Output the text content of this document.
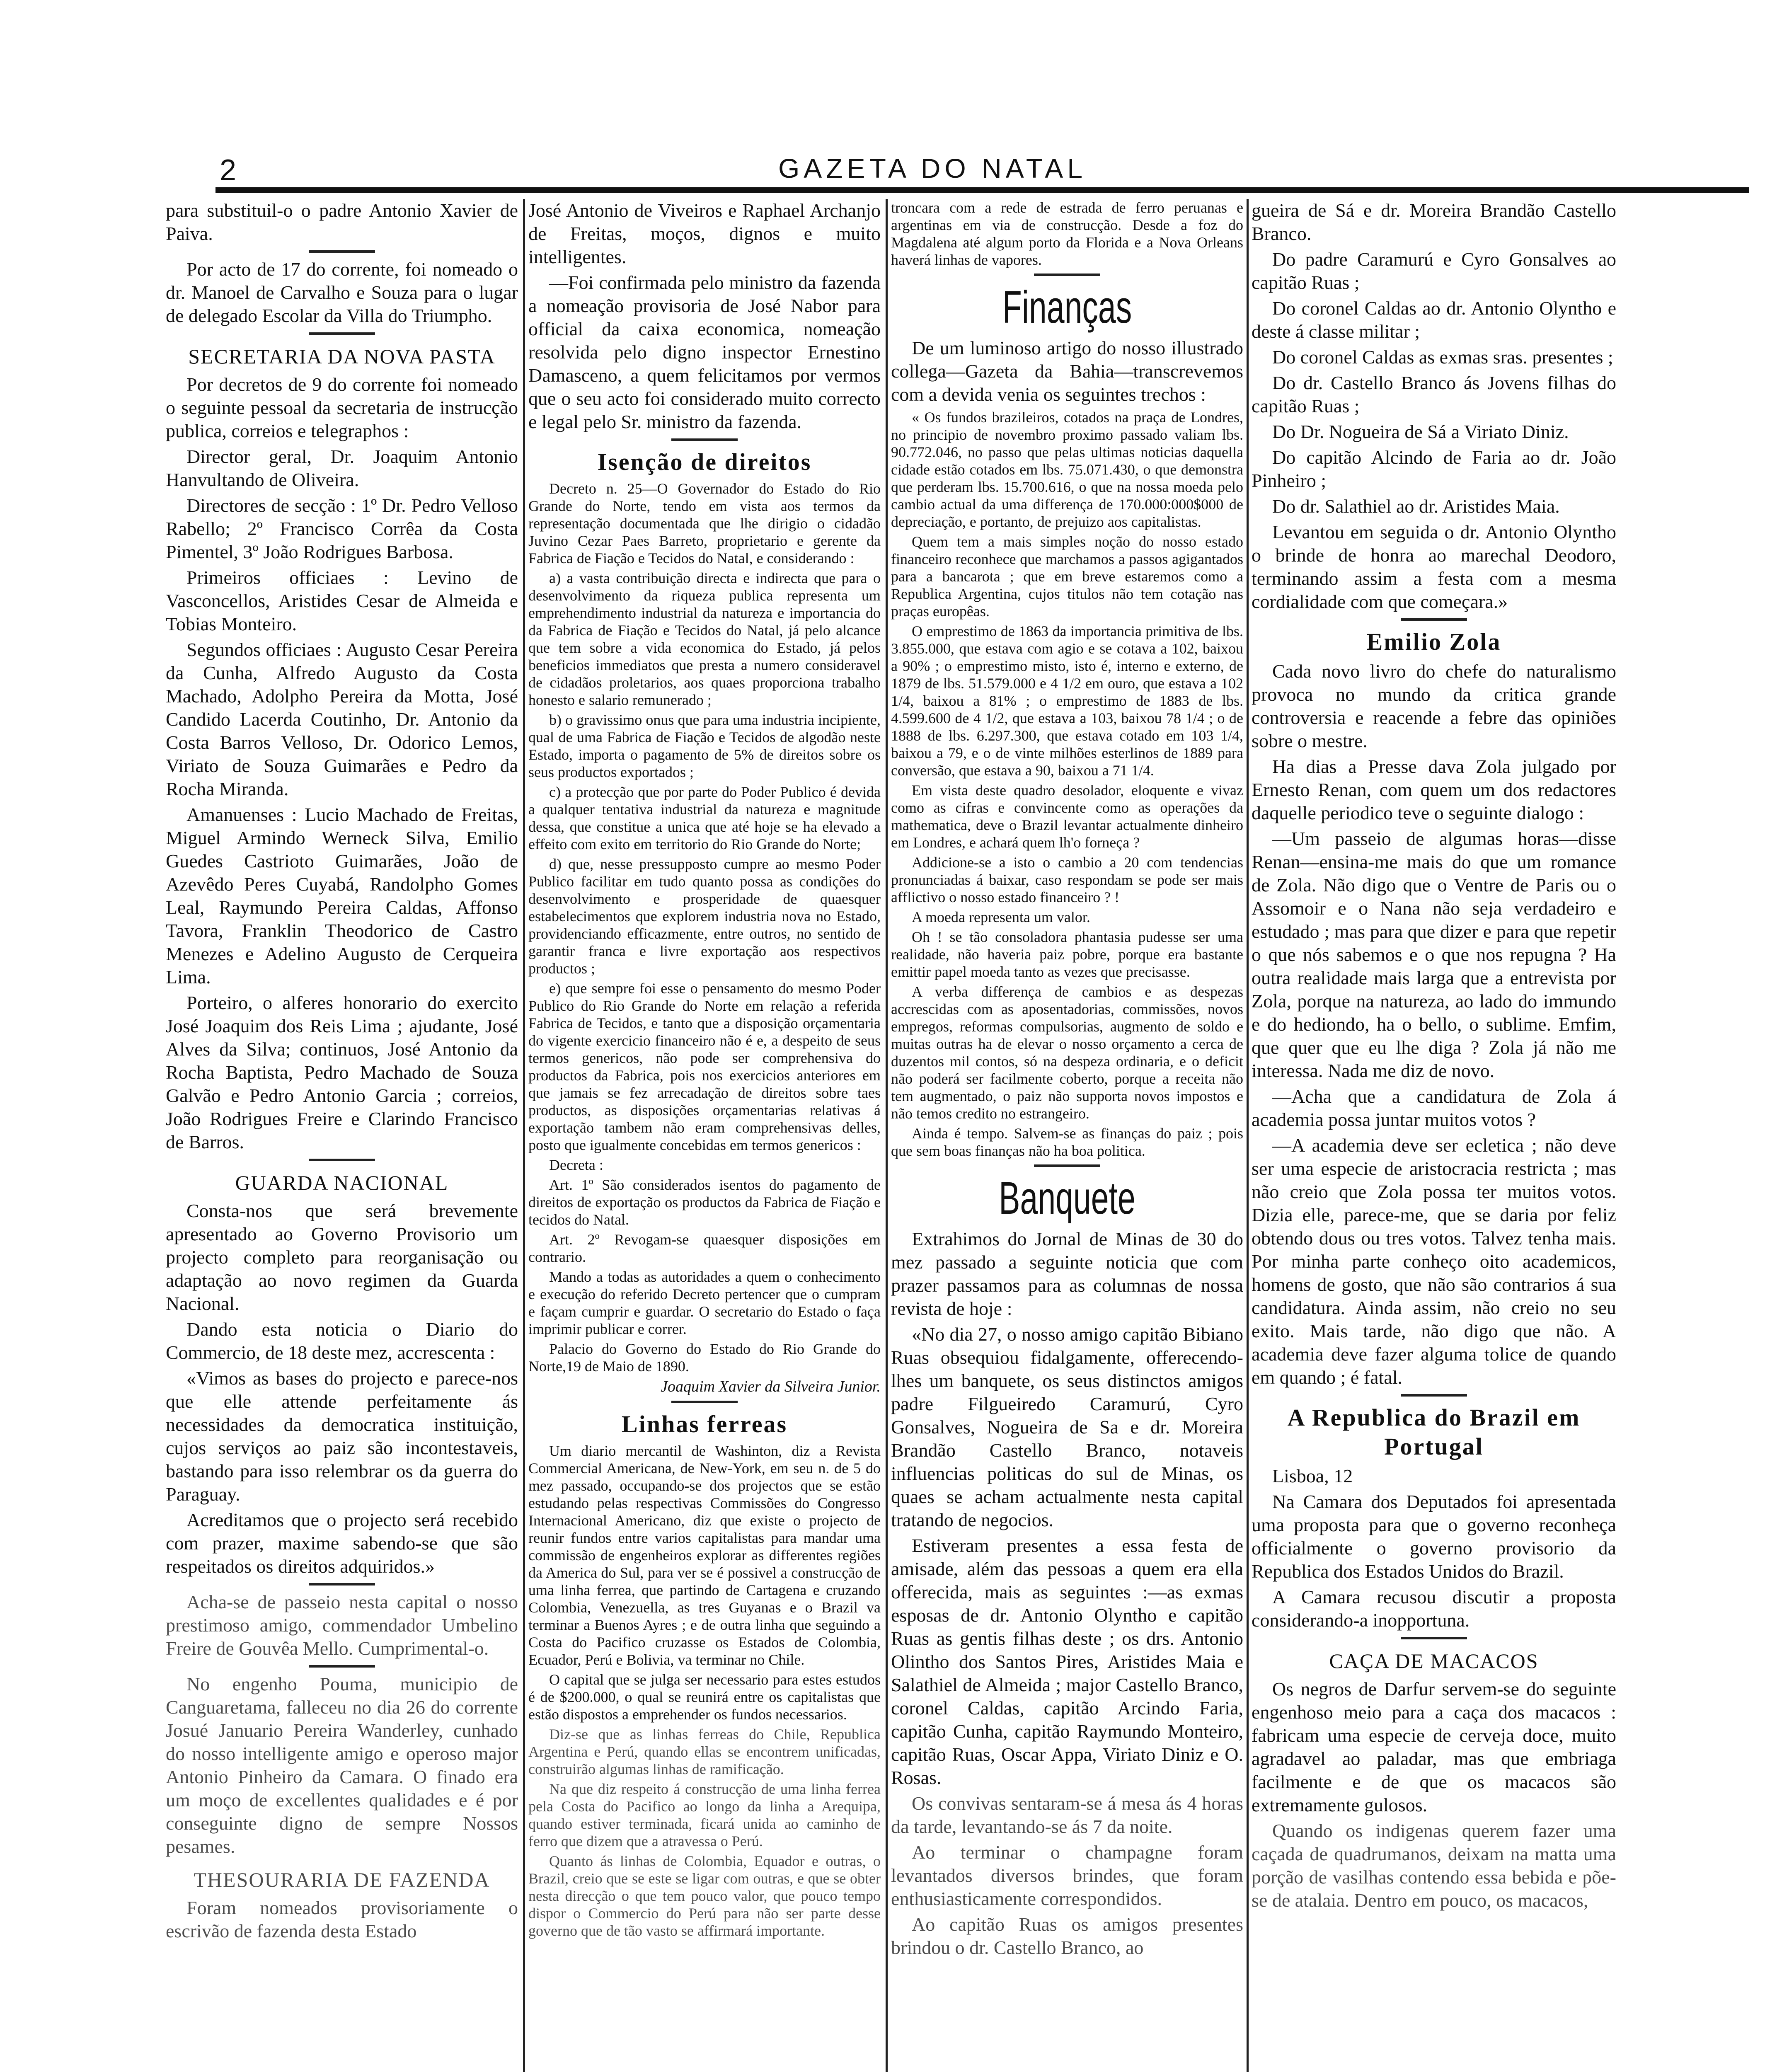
2	GAZETA DO NATAL

para substituil-o o padre Antonio Xavier de Paiva.

Por acto de 17 do corrente, foi nomeado o dr. Manoel de Carvalho e Souza para o lugar de delegado Escolar da Villa do Triumpho.

SECRETARIA DA NOVA PASTA

Por decretos de 9 do corrente foi nomeado o seguinte pessoal da secretaria de instrucção publica, correios e telegraphos :

Director geral, Dr. Joaquim Antonio Hanvultando de Oliveira.

Directores de secção : 1º Dr. Pedro Velloso Rabello; 2º Francisco Corrêa da Costa Pimentel, 3º João Rodrigues Barbosa.

Primeiros officiaes : Levino de Vasconcellos, Aristides Cesar de Almeida e Tobias Monteiro.

Segundos officiaes : Augusto Cesar Pereira da Cunha, Alfredo Augusto da Costa Machado, Adolpho Pereira da Motta, José Candido Lacerda Coutinho, Dr. Antonio da Costa Barros Velloso, Dr. Odorico Lemos, Viriato de Souza Guimarães e Pedro da Rocha Miranda.

Amanuenses : Lucio Machado de Freitas, Miguel Armindo Werneck Silva, Emilio Guedes Castrioto Guimarães, João de Azevêdo Peres Cuyabá, Randolpho Gomes Leal, Raymundo Pereira Caldas, Affonso Tavora, Franklin Theodorico de Castro Menezes e Adelino Augusto de Cerqueira Lima.

Porteiro, o alferes honorario do exercito José Joaquim dos Reis Lima ; ajudante, José Alves da Silva; continuos, José Antonio da Rocha Baptista, Pedro Machado de Souza Galvão e Pedro Antonio Garcia ; correios, João Rodrigues Freire e Clarindo Francisco de Barros.

GUARDA NACIONAL

Consta-nos que será brevemente apresentado ao Governo Provisorio um projecto completo para reorganisação ou adaptação ao novo regimen da Guarda Nacional.

Dando esta noticia o Diario do Commercio, de 18 deste mez, accrescenta :

«Vimos as bases do projecto e parece-nos que elle attende perfeitamente ás necessidades da democratica instituição, cujos serviços ao paiz são incontestaveis, bastando para isso relembrar os da guerra do Paraguay.

Acreditamos que o projecto será recebido com prazer, maxime sabendo-se que são respeitados os direitos adquiridos.»

Acha-se de passeio nesta capital o nosso prestimoso amigo, commendador Umbelino Freire de Gouvêa Mello. Cumprimental-o.

No engenho Pouma, municipio de Canguaretama, falleceu no dia 26 do corrente Josué Januario Pereira Wanderley, cunhado do nosso intelligente amigo e operoso major Antonio Pinheiro da Camara. O finado era um moço de excellentes qualidades e é por conseguinte digno de sempre Nossos pesames.

THESOURARIA DE FAZENDA

Foram nomeados provisoriamente o escrivão de fazenda desta Estado

José Antonio de Viveiros e Raphael Archanjo de Freitas, moços, dignos e muito intelligentes.

—Foi confirmada pelo ministro da fazenda a nomeação provisoria de José Nabor para official da caixa economica, nomeação resolvida pelo digno inspector Ernestino Damasceno, a quem felicitamos por vermos que o seu acto foi considerado muito correcto e legal pelo Sr. ministro da fazenda.

Isenção de direitos

Decreto n. 25—O Governador do Estado do Rio Grande do Norte, tendo em vista aos termos da representação documentada que lhe dirigio o cidadão Juvino Cezar Paes Barreto, proprietario e gerente da Fabrica de Fiação e Tecidos do Natal, e considerando :

a) a vasta contribuição directa e indirecta que para o desenvolvimento da riqueza publica representa um emprehendimento industrial da natureza e importancia do da Fabrica de Fiação e Tecidos do Natal, já pelo alcance que tem sobre a vida economica do Estado, já pelos beneficios immediatos que presta a numero consideravel de cidadãos proletarios, aos quaes proporciona trabalho honesto e salario remunerado ;

b) o gravissimo onus que para uma industria incipiente, qual de uma Fabrica de Fiação e Tecidos de algodão neste Estado, importa o pagamento de 5% de direitos sobre os seus productos exportados ;

c) a protecção que por parte do Poder Publico é devida a qualquer tentativa industrial da natureza e magnitude dessa, que constitue a unica que até hoje se ha elevado a effeito com exito em territorio do Rio Grande do Norte;

d) que, nesse pressupposto cumpre ao mesmo Poder Publico facilitar em tudo quanto possa as condições do desenvolvimento e prosperidade de quaesquer estabelecimentos que explorem industria nova no Estado, providenciando efficazmente, entre outros, no sentido de garantir franca e livre exportação aos respectivos productos ;

e) que sempre foi esse o pensamento do mesmo Poder Publico do Rio Grande do Norte em relação a referida Fabrica de Tecidos, e tanto que a disposição orçamentaria do vigente exercicio financeiro não é e, a despeito de seus termos genericos, não pode ser comprehensiva do productos da Fabrica, pois nos exercicios anteriores em que jamais se fez arrecadação de direitos sobre taes productos, as disposições orçamentarias relativas á exportação tambem não eram comprehensivas delles, posto que igualmente concebidas em termos genericos :

Decreta :

Art. 1º São considerados isentos do pagamento de direitos de exportação os productos da Fabrica de Fiação e tecidos do Natal.

Art. 2º Revogam-se quaesquer disposições em contrario.

Mando a todas as autoridades a quem o conhecimento e execução do referido Decreto pertencer que o cumpram e façam cumprir e guardar. O secretario do Estado o faça imprimir publicar e correr.

Palacio do Governo do Estado do Rio Grande do Norte,19 de Maio de 1890.

Joaquim Xavier da Silveira Junior.
Linhas ferreas

Um diario mercantil de Washinton, diz a Revista Commercial Americana, de New-York, em seu n. de 5 do mez passado, occupando-se dos projectos que se estão estudando pelas respectivas Commissões do Congresso Internacional Americano, diz que existe o projecto de reunir fundos entre varios capitalistas para mandar uma commissão de engenheiros explorar as differentes regiões da America do Sul, para ver se é possivel a construcção de uma linha ferrea, que partindo de Cartagena e cruzando Colombia, Venezuella, as tres Guyanas e o Brazil va terminar a Buenos Ayres ; e de outra linha que seguindo a Costa do Pacifico cruzasse os Estados de Colombia, Ecuador, Perú e Bolivia, va terminar no Chile.

O capital que se julga ser necessario para estes estudos é de $200.000, o qual se reunirá entre os capitalistas que estão dispostos a emprehender os fundos necessarios.

Diz-se que as linhas ferreas do Chile, Republica Argentina e Perú, quando ellas se encontrem unificadas, construirão algumas linhas de ramificação.

Na que diz respeito á construcção de uma linha ferrea pela Costa do Pacifico ao longo da linha a Arequipa, quando estiver terminada, ficará unida ao caminho de ferro que dizem que a atravessa o Perú.

Quanto ás linhas de Colombia, Equador e outras, o Brazil, creio que se este se ligar com outras, e que se obter nesta direcção o que tem pouco valor, que pouco tempo dispor o Commercio do Perú para não ser parte desse governo que de tão vasto se affirmará importante.

troncara com a rede de estrada de ferro peruanas e argentinas em via de construcção. Desde a foz do Magdalena até algum porto da Florida e a Nova Orleans haverá linhas de vapores.

Finanças

De um luminoso artigo do nosso illustrado collega—Gazeta da Bahia—transcrevemos com a devida venia os seguintes trechos :

« Os fundos brazileiros, cotados na praça de Londres, no principio de novembro proximo passado valiam lbs. 90.772.046, no passo que pelas ultimas noticias daquella cidade estão cotados em lbs. 75.071.430, o que demonstra que perderam lbs. 15.700.616, o que na nossa moeda pelo cambio actual da uma differença de 170.000:000$000 de depreciação, e portanto, de prejuizo aos capitalistas.

Quem tem a mais simples noção do nosso estado financeiro reconhece que marchamos a passos agigantados para a bancarota ; que em breve estaremos como a Republica Argentina, cujos titulos não tem cotação nas praças europêas.

O emprestimo de 1863 da importancia primitiva de lbs. 3.855.000, que estava com agio e se cotava a 102, baixou a 90% ; o emprestimo misto, isto é, interno e externo, de 1879 de lbs. 51.579.000 e 4 1/2 em ouro, que estava a 102 1/4, baixou a 81% ; o emprestimo de 1883 de lbs. 4.599.600 de 4 1/2, que estava a 103, baixou 78 1/4 ; o de 1888 de lbs. 6.297.300, que estava cotado em 103 1/4, baixou a 79, e o de vinte milhões esterlinos de 1889 para conversão, que estava a 90, baixou a 71 1/4.

Em vista deste quadro desolador, eloquente e vivaz como as cifras e convincente como as operações da mathematica, deve o Brazil levantar actualmente dinheiro em Londres, e achará quem lh'o forneça ?

Addicione-se a isto o cambio a 20 com tendencias pronunciadas á baixar, caso respondam se pode ser mais afflictivo o nosso estado financeiro ? !

A moeda representa um valor.

Oh ! se tão consoladora phantasia pudesse ser uma realidade, não haveria paiz pobre, porque era bastante emittir papel moeda tanto as vezes que precisasse.

A verba differença de cambios e as despezas accrescidas com as aposentadorias, commissões, novos empregos, reformas compulsorias, augmento de soldo e muitas outras ha de elevar o nosso orçamento a cerca de duzentos mil contos, só na despeza ordinaria, e o deficit não poderá ser facilmente coberto, porque a receita não tem augmentado, o paiz não supporta novos impostos e não temos credito no estrangeiro.

Ainda é tempo. Salvem-se as finanças do paiz ; pois que sem boas finanças não ha boa politica.

Banquete

Extrahimos do Jornal de Minas de 30 do mez passado a seguinte noticia que com prazer passamos para as columnas de nossa revista de hoje :

«No dia 27, o nosso amigo capitão Bibiano Ruas obsequiou fidalgamente, offerecendo-lhes um banquete, os seus distinctos amigos padre Filgueiredo Caramurú, Cyro Gonsalves, Nogueira de Sa e dr. Moreira Brandão Castello Branco, notaveis influencias politicas do sul de Minas, os quaes se acham actualmente nesta capital tratando de negocios.

Estiveram presentes a essa festa de amisade, além das pessoas a quem era ella offerecida, mais as seguintes :—as exmas esposas de dr. Antonio Olyntho e capitão Ruas as gentis filhas deste ; os drs. Antonio Olintho dos Santos Pires, Aristides Maia e Salathiel de Almeida ; major Castello Branco, coronel Caldas, capitão Arcindo Faria, capitão Cunha, capitão Raymundo Monteiro, capitão Ruas, Oscar Appa, Viriato Diniz e O. Rosas.

Os convivas sentaram-se á mesa ás 4 horas da tarde, levantando-se ás 7 da noite.

Ao terminar o champagne foram levantados diversos brindes, que foram enthusiasticamente correspondidos.

Ao capitão Ruas os amigos presentes brindou o dr. Castello Branco, ao

gueira de Sá e dr. Moreira Brandão Castello Branco.

Do padre Caramurú e Cyro Gonsalves ao capitão Ruas ;

Do coronel Caldas ao dr. Antonio Olyntho e deste á classe militar ;

Do coronel Caldas as exmas sras. presentes ;

Do dr. Castello Branco ás Jovens filhas do capitão Ruas ;

Do Dr. Nogueira de Sá a Viriato Diniz.

Do capitão Alcindo de Faria ao dr. João Pinheiro ;

Do dr. Salathiel ao dr. Aristides Maia.

Levantou em seguida o dr. Antonio Olyntho o brinde de honra ao marechal Deodoro, terminando assim a festa com a mesma cordialidade com que começara.»

Emilio Zola

Cada novo livro do chefe do naturalismo provoca no mundo da critica grande controversia e reacende a febre das opiniões sobre o mestre.

Ha dias a Presse dava Zola julgado por Ernesto Renan, com quem um dos redactores daquelle periodico teve o seguinte dialogo :

—Um passeio de algumas horas—disse Renan—ensina-me mais do que um romance de Zola. Não digo que o Ventre de Paris ou o Assomoir e o Nana não seja verdadeiro e estudado ; mas para que dizer e para que repetir o que nós sabemos e o que nos repugna ? Ha outra realidade mais larga que a entrevista por Zola, porque na natureza, ao lado do immundo e do hediondo, ha o bello, o sublime. Emfim, que quer que eu lhe diga ? Zola já não me interessa. Nada me diz de novo.

—Acha que a candidatura de Zola á academia possa juntar muitos votos ?

—A academia deve ser ecletica ; não deve ser uma especie de aristocracia restricta ; mas não creio que Zola possa ter muitos votos. Dizia elle, parece-me, que se daria por feliz obtendo dous ou tres votos. Talvez tenha mais. Por minha parte conheço oito academicos, homens de gosto, que não são contrarios á sua candidatura. Ainda assim, não creio no seu exito. Mais tarde, não digo que não. A academia deve fazer alguma tolice de quando em quando ; é fatal.

A Republica do Brazil em Portugal

Lisboa, 12

Na Camara dos Deputados foi apresentada uma proposta para que o governo reconheça officialmente o governo provisorio da Republica dos Estados Unidos do Brazil.

A Camara recusou discutir a proposta considerando-a inopportuna.

CAÇA DE MACACOS

Os negros de Darfur servem-se do seguinte engenhoso meio para a caça dos macacos : fabricam uma especie de cerveja doce, muito agradavel ao paladar, mas que embriaga facilmente e de que os macacos são extremamente gulosos.

Quando os indigenas querem fazer uma caçada de quadrumanos, deixam na matta uma porção de vasilhas contendo essa bebida e põe-se de atalaia. Dentro em pouco, os macacos,
